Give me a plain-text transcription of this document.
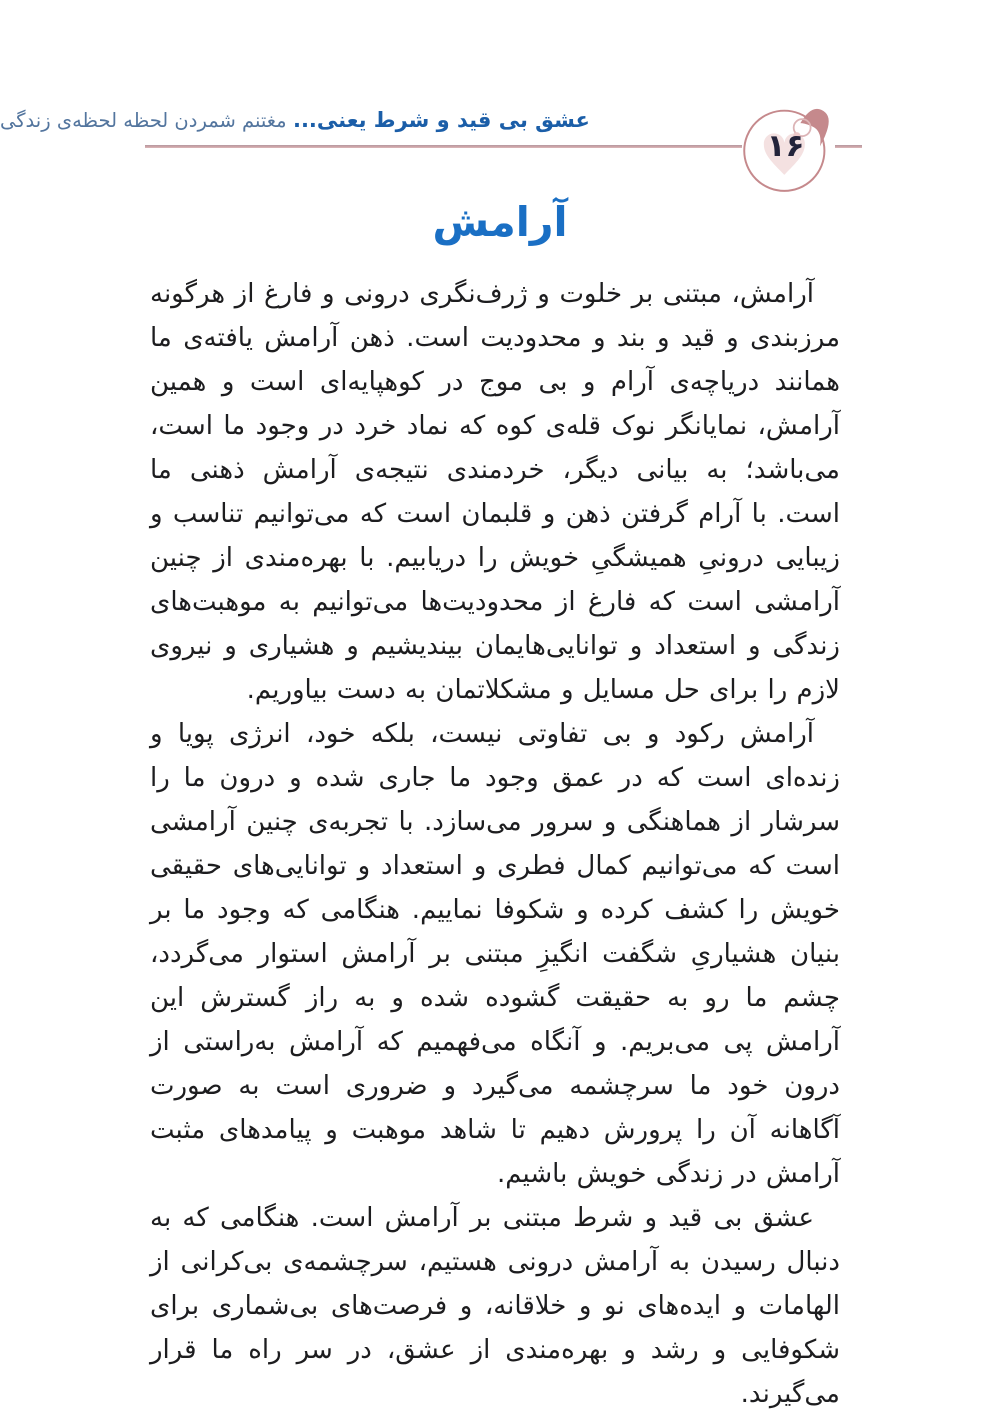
عشق بی قید و شرط یعنی... مغتنم شمردن لحظه لحظه‌ی زندگی
۱۶
آرامش

آرامش، مبتنی بر خلوت و ژرف‌نگری درونی و فارغ از هرگونه مرزبندی و قید و بند و محدودیت است. ذهن آرامش یافته‌ی ما همانند دریاچه‌ی آرام و بی موج در کوهپایه‌ای است و همین آرامش، نمایانگر نوک قله‌ی کوه که نماد خرد در وجود ما است، می‌باشد؛ به بیانی دیگر، خردمندی نتیجه‌ی آرامش ذهنی ما است. با آرام گرفتن ذهن و قلبمان است که می‌توانیم تناسب و زیبایی درونیِ همیشگیِ خویش را دریابیم. با بهره‌مندی از چنین آرامشی است که فارغ از محدودیت‌ها می‌توانیم به موهبت‌های زندگی و استعداد و توانایی‌هایمان بیندیشیم و هشیاری و نیروی لازم را برای حل مسایل و مشکلاتمان به دست بیاوریم.

آرامش رکود و بی تفاوتی نیست، بلکه خود، انرژی پویا و زنده‌ای است که در عمق وجود ما جاری شده و درون ما را سرشار از هماهنگی و سرور می‌سازد. با تجربه‌ی چنین آرامشی است که می‌توانیم کمال فطری و استعداد و توانایی‌های حقیقی خویش را کشف کرده و شکوفا نماییم. هنگامی که وجود ما بر بنیان هشیاریِ شگفت انگیزِ مبتنی بر آرامش استوار می‌گردد، چشم ما رو به حقیقت گشوده شده و به راز گسترش این آرامش پی می‌بریم. و آنگاه می‌فهمیم که آرامش به‌راستی از درون خود ما سرچشمه می‌گیرد و ضروری است به صورت آگاهانه آن را پرورش دهیم تا شاهد موهبت و پیامدهای مثبت آرامش در زندگی خویش باشیم.

عشق بی قید و شرط مبتنی بر آرامش است. هنگامی که به دنبال رسیدن به آرامش درونی هستیم، سرچشمه‌ی بی‌کرانی از الهامات و ایده‌های نو و خلاقانه، و فرصت‌های بی‌شماری برای شکوفایی و رشد و بهره‌مندی از عشق، در سر راه ما قرار می‌گیرند.
